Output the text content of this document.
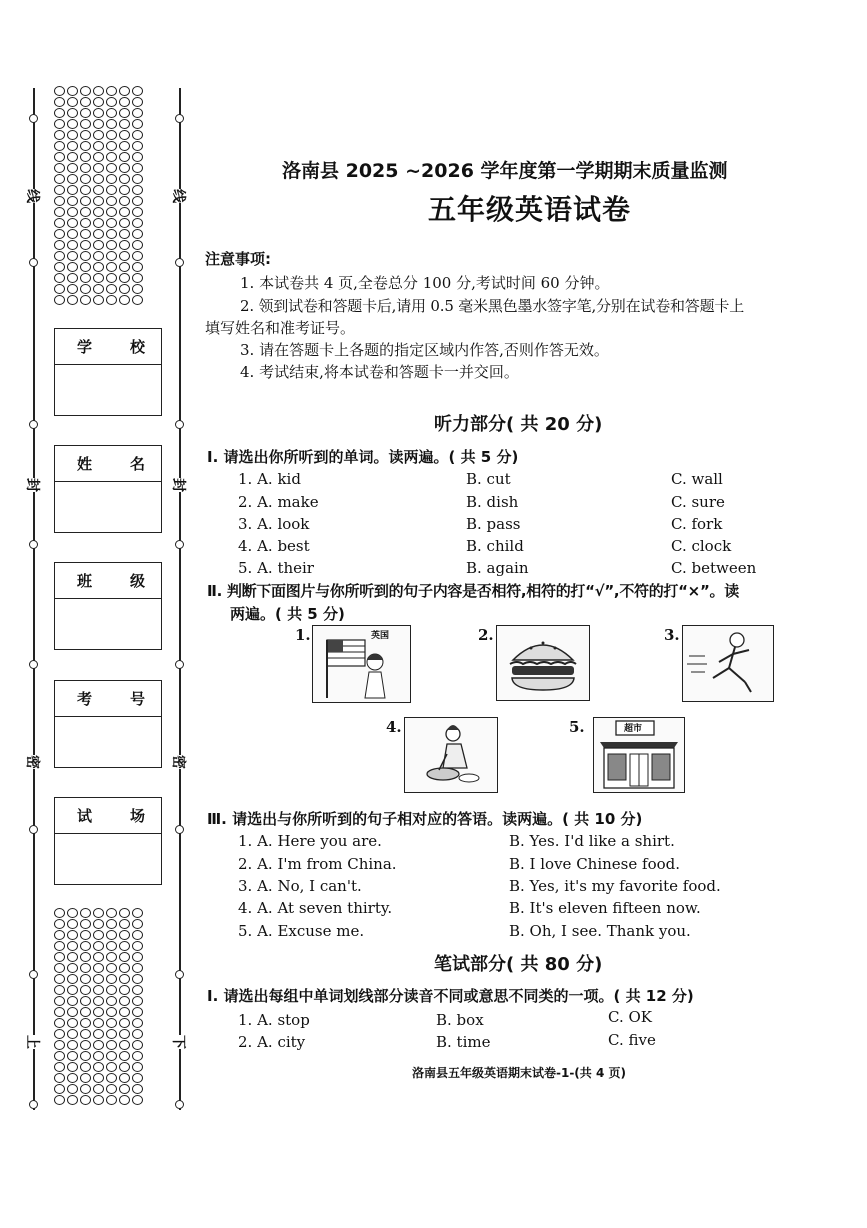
线	线
封	封
密	密
上	下
学	校
姓	名
班	级
考	号
试	场
洛南县 2025 ~2026 学年度第一学期期末质量监测
五年级英语试卷
注意事项:
1. 本试卷共 4 页,全卷总分 100 分,考试时间 60 分钟。
2. 领到试卷和答题卡后,请用 0.5 毫米黑色墨水签字笔,分别在试卷和答题卡上
填写姓名和准考证号。
3. 请在答题卡上各题的指定区域内作答,否则作答无效。
4. 考试结束,将本试卷和答题卡一并交回。
听力部分( 共 20 分)
Ⅰ. 请选出你所听到的单词。读两遍。( 共 5 分)
1. A. kid	B. cut	C. wall
2. A. make	B. dish	C. sure
3. A. look	B. pass	C. fork
4. A. best	B. child	C. clock
5. A. their	B. again	C. between
Ⅱ. 判断下面图片与你所听到的句子内容是否相符,相符的打“√”,不符的打“×”。读
两遍。( 共 5 分)
1.	英国	2.	3.
4.	5.	超市
Ⅲ. 请选出与你所听到的句子相对应的答语。读两遍。( 共 10 分)
1. A. Here you are.	B. Yes. I'd like a shirt.
2. A. I'm from China.	B. I love Chinese food.
3. A. No, I can't.	B. Yes, it's my favorite food.
4. A. At seven thirty.	B. It's eleven fifteen now.
5. A. Excuse me.	B. Oh, I see. Thank you.
笔试部分( 共 80 分)
Ⅰ. 请选出每组中单词划线部分读音不同或意思不同类的一项。( 共 12 分)
1. A. stop	B. box	C. OK
2. A. city	B. time	C. five
洛南县五年级英语期末试卷-1-(共 4 页)
